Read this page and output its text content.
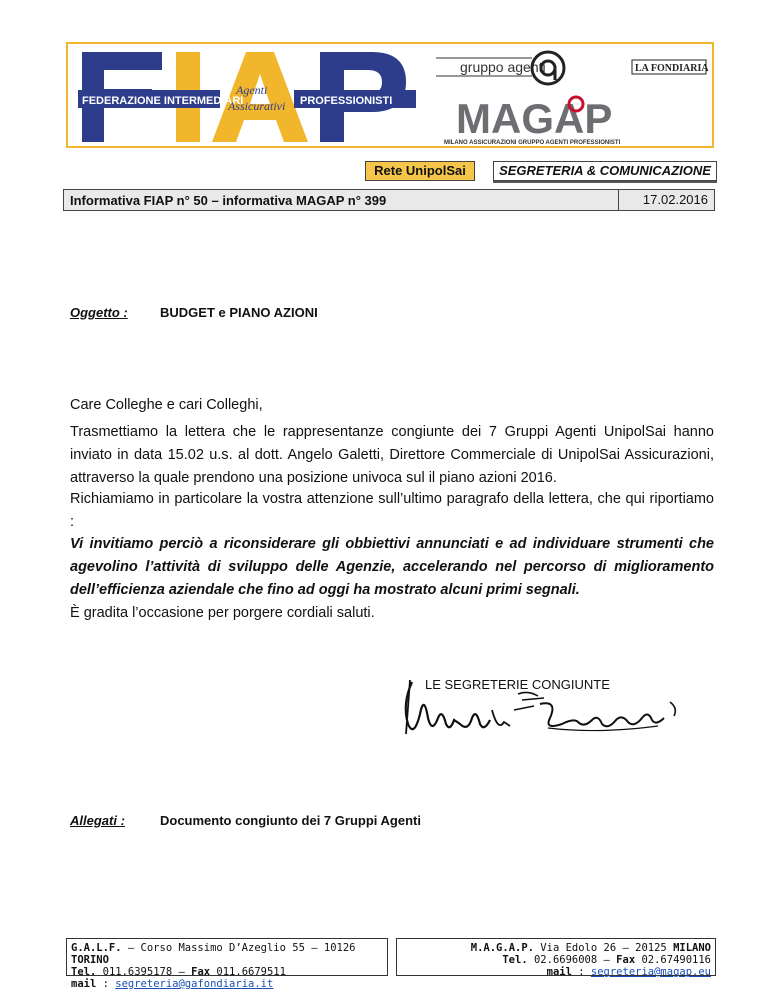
FEDERAZIONE INTERMEDIARI	PROFESSIONISTI
Agenti
Assicurativi
gruppo agenti	LA FONDIARIA
MAGAP
MILANO ASSICURAZIONI GRUPPO AGENTI PROFESSIONISTI
Rete UnipolSai	SEGRETERIA & COMUNICAZIONE
Informativa FIAP n° 50 – informativa MAGAP n° 399	17.02.2016
Oggetto : BUDGET e PIANO AZIONI
Care Colleghe e cari Colleghi,
Trasmettiamo la lettera che le rappresentanze congiunte dei 7 Gruppi Agenti UnipolSai hanno inviato in data 15.02 u.s. al dott. Angelo Galetti, Direttore Commerciale di UnipolSai Assicurazioni, attraverso la quale prendono una posizione univoca sul il piano azioni 2016.
Richiamiamo in particolare la vostra attenzione sull’ultimo paragrafo della lettera, che qui riportiamo :
Vi invitiamo perciò a riconsiderare gli obbiettivi annunciati e ad individuare strumenti che agevolino l’attività di sviluppo delle Agenzie, accelerando nel percorso di miglioramento dell’efficienza aziendale che fino ad oggi ha mostrato alcuni primi segnali.
È gradita l’occasione per porgere cordiali saluti.
LE SEGRETERIE CONGIUNTE
Allegati :	Documento congiunto dei 7 Gruppi Agenti
G.A.L.F. – Corso Massimo D’Azeglio 55 – 10126 TORINO
Tel. 011.6395178 – Fax 011.6679511
mail : segreteria@gafondiaria.it
M.A.G.A.P. Via Edolo 26 – 20125 MILANO
Tel. 02.6696008 – Fax 02.67490116
mail : segreteria@magap.eu
